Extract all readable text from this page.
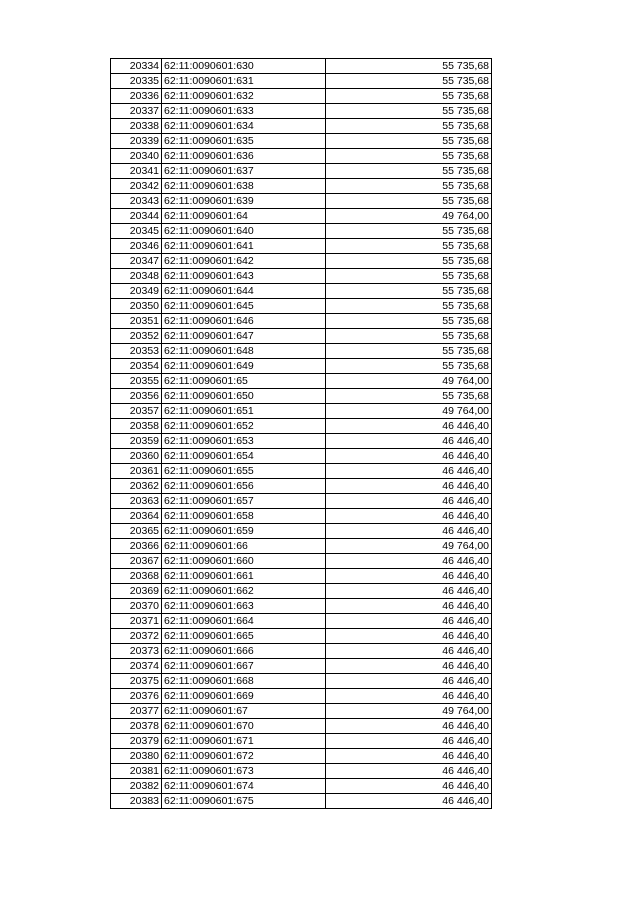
20334	62:11:0090601:630	55 735,68
20335	62:11:0090601:631	55 735,68
20336	62:11:0090601:632	55 735,68
20337	62:11:0090601:633	55 735,68
20338	62:11:0090601:634	55 735,68
20339	62:11:0090601:635	55 735,68
20340	62:11:0090601:636	55 735,68
20341	62:11:0090601:637	55 735,68
20342	62:11:0090601:638	55 735,68
20343	62:11:0090601:639	55 735,68
20344	62:11:0090601:64	49 764,00
20345	62:11:0090601:640	55 735,68
20346	62:11:0090601:641	55 735,68
20347	62:11:0090601:642	55 735,68
20348	62:11:0090601:643	55 735,68
20349	62:11:0090601:644	55 735,68
20350	62:11:0090601:645	55 735,68
20351	62:11:0090601:646	55 735,68
20352	62:11:0090601:647	55 735,68
20353	62:11:0090601:648	55 735,68
20354	62:11:0090601:649	55 735,68
20355	62:11:0090601:65	49 764,00
20356	62:11:0090601:650	55 735,68
20357	62:11:0090601:651	49 764,00
20358	62:11:0090601:652	46 446,40
20359	62:11:0090601:653	46 446,40
20360	62:11:0090601:654	46 446,40
20361	62:11:0090601:655	46 446,40
20362	62:11:0090601:656	46 446,40
20363	62:11:0090601:657	46 446,40
20364	62:11:0090601:658	46 446,40
20365	62:11:0090601:659	46 446,40
20366	62:11:0090601:66	49 764,00
20367	62:11:0090601:660	46 446,40
20368	62:11:0090601:661	46 446,40
20369	62:11:0090601:662	46 446,40
20370	62:11:0090601:663	46 446,40
20371	62:11:0090601:664	46 446,40
20372	62:11:0090601:665	46 446,40
20373	62:11:0090601:666	46 446,40
20374	62:11:0090601:667	46 446,40
20375	62:11:0090601:668	46 446,40
20376	62:11:0090601:669	46 446,40
20377	62:11:0090601:67	49 764,00
20378	62:11:0090601:670	46 446,40
20379	62:11:0090601:671	46 446,40
20380	62:11:0090601:672	46 446,40
20381	62:11:0090601:673	46 446,40
20382	62:11:0090601:674	46 446,40
20383	62:11:0090601:675	46 446,40
